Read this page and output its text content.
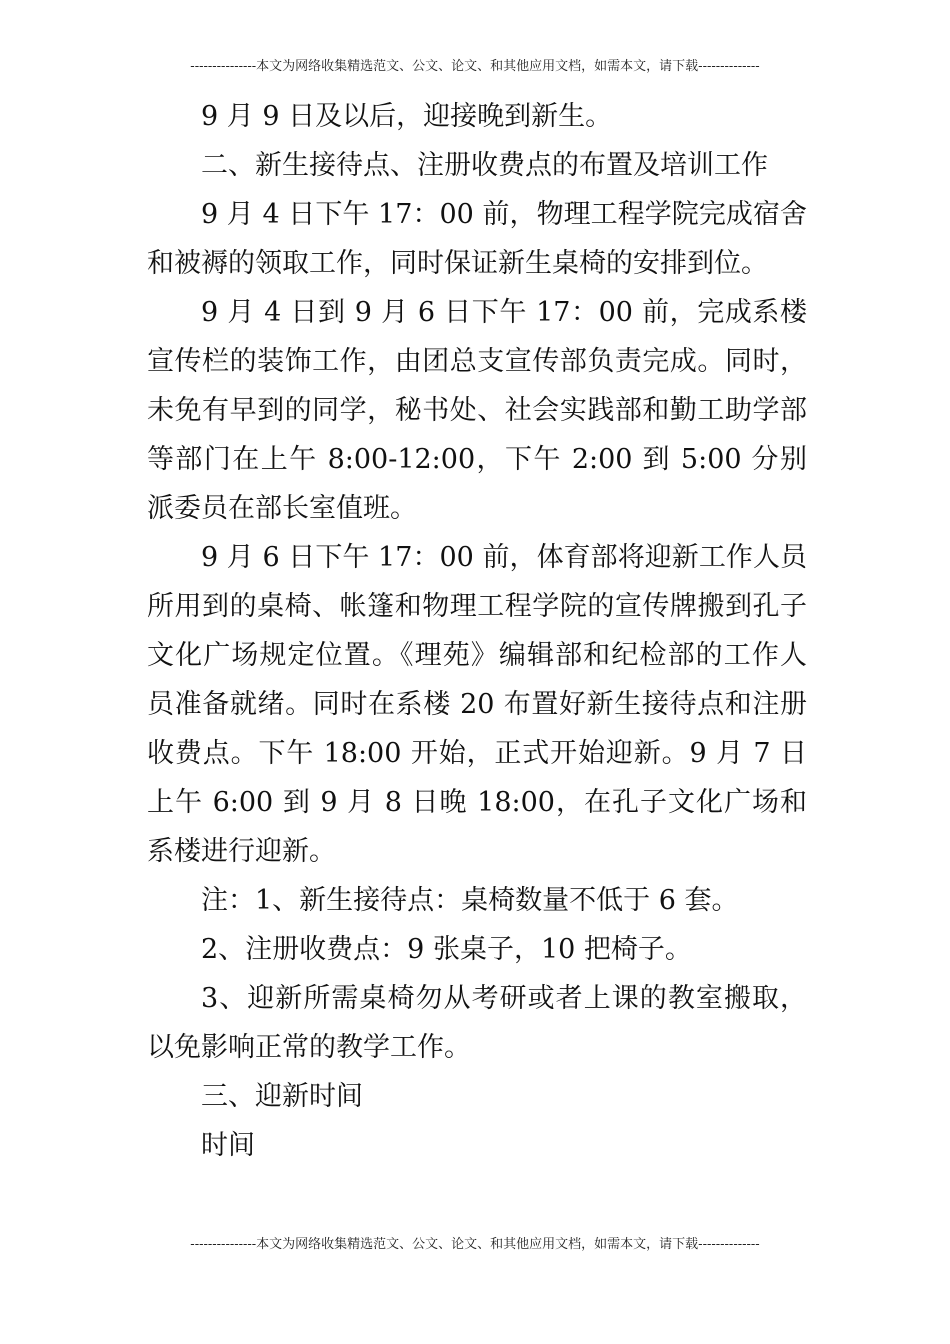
---------------本文为网络收集精选范文、公文、论文、和其他应用文档，如需本文，请下载--------------

9 月 9 日及以后，迎接晚到新生。

二、新生接待点、注册收费点的布置及培训工作

9 月 4 日下午 17：00 前，物理工程学院完成宿舍和被褥的领取工作，同时保证新生桌椅的安排到位。

9 月 4 日到 9 月 6 日下午 17：00 前，完成系楼宣传栏的装饰工作，由团总支宣传部负责完成。同时，未免有早到的同学，秘书处、社会实践部和勤工助学部等部门在上午 8:00-12:00，下午 2:00 到 5:00 分别派委员在部长室值班。

9 月 6 日下午 17：00 前，体育部将迎新工作人员所用到的桌椅、帐篷和物理工程学院的宣传牌搬到孔子文化广场规定位置。《理苑》编辑部和纪检部的工作人员准备就绪。同时在系楼 20 布置好新生接待点和注册收费点。下午 18:00 开始，正式开始迎新。9 月 7 日上午 6:00 到 9 月 8 日晚 18:00，在孔子文化广场和系楼进行迎新。

注：1、新生接待点：桌椅数量不低于 6 套。

2、注册收费点：9 张桌子，10 把椅子。

3、迎新所需桌椅勿从考研或者上课的教室搬取，以免影响正常的教学工作。

三、迎新时间

时间

---------------本文为网络收集精选范文、公文、论文、和其他应用文档，如需本文，请下载--------------
